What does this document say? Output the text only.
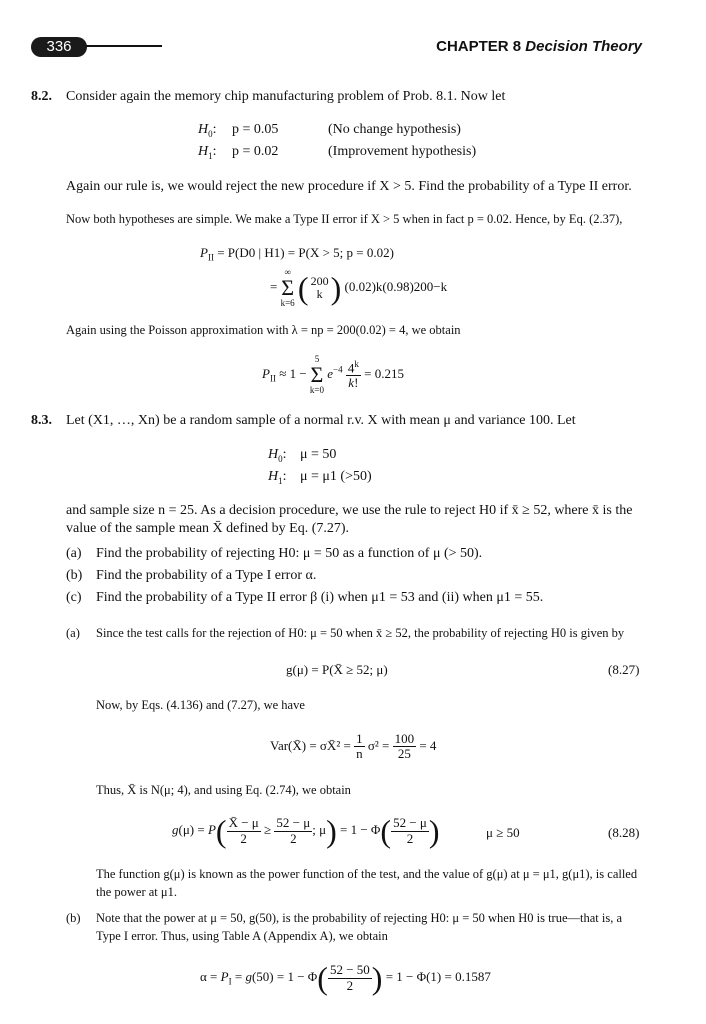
336	CHAPTER 8 Decision Theory
8.2. Consider again the memory chip manufacturing problem of Prob. 8.1. Now let
$H_0$: p = 0.05	(No change hypothesis)
$H_1$: p = 0.02	(Improvement hypothesis)
Again our rule is, we would reject the new procedure if X > 5. Find the probability of a Type II error.
Now both hypotheses are simple. We make a Type II error if X > 5 when in fact p = 0.02. Hence, by Eq. (2.37),
$P_{II} = P(D0$ | H1) = P(X > 5; p = 0.02)
=
∞
Σ
k=6 ( 200
k ) (0.02)k(0.98)200−k
Again using the Poisson approximation with λ = np = 200(0.02) = 4, we obtain
$P_{II} \approx 1$ −
5
Σ
k=0
$e^{-4} \frac{4^k}{k!} = 0.215$
8.3. Let (X1, …, Xn) be a random sample of a normal r.v. X with mean μ and variance 100. Let
$H_0$: μ = 50
$H_1$: μ = μ1 (>50)
and sample size n = 25. As a decision procedure, we use the rule to reject H0 if x̄ ≥ 52, where x̄ is the
value of the sample mean X̄ defined by Eq. (7.27).
(a) Find the probability of rejecting H0: μ = 50 as a function of μ (> 50).
(b) Find the probability of a Type I error α.
(c) Find the probability of a Type II error β (i) when μ1 = 53 and (ii) when μ1 = 55.
(a) Since the test calls for the rejection of H0: μ = 50 when x̄ ≥ 52, the probability of rejecting H0 is given by
g(μ) = P(X̄ ≥ 52; μ)	(8.27)
Now, by Eqs. (4.136) and (7.27), we have
Var(X̄) = σX̄² = $\frac{1}{n} \sigma^2 = \frac{100}{25} = 4$
Thus, X̄ is N(μ; 4), and using Eq. (2.74), we obtain
$g(\mu) = P( \frac{X̄ - \mu}{2} \ge \frac{52 - \mu}{2}$ ; $\mu) = 1 - \Phi( \frac{52 - \mu}{2}$ )	μ ≥ 50	(8.28)
The function g(μ) is known as the power function of the test, and the value of g(μ) at μ = μ1, g(μ1), is called
the power at μ1.
(b) Note that the power at μ = 50, g(50), is the probability of rejecting H0: μ = 50 when H0 is true—that is, a
Type I error. Thus, using Table A (Appendix A), we obtain
$\alpha = P_I = g(50) = 1 - \Phi( \frac{52 - 50}{2}$ ) = 1 − Φ(1) = 0.1587
